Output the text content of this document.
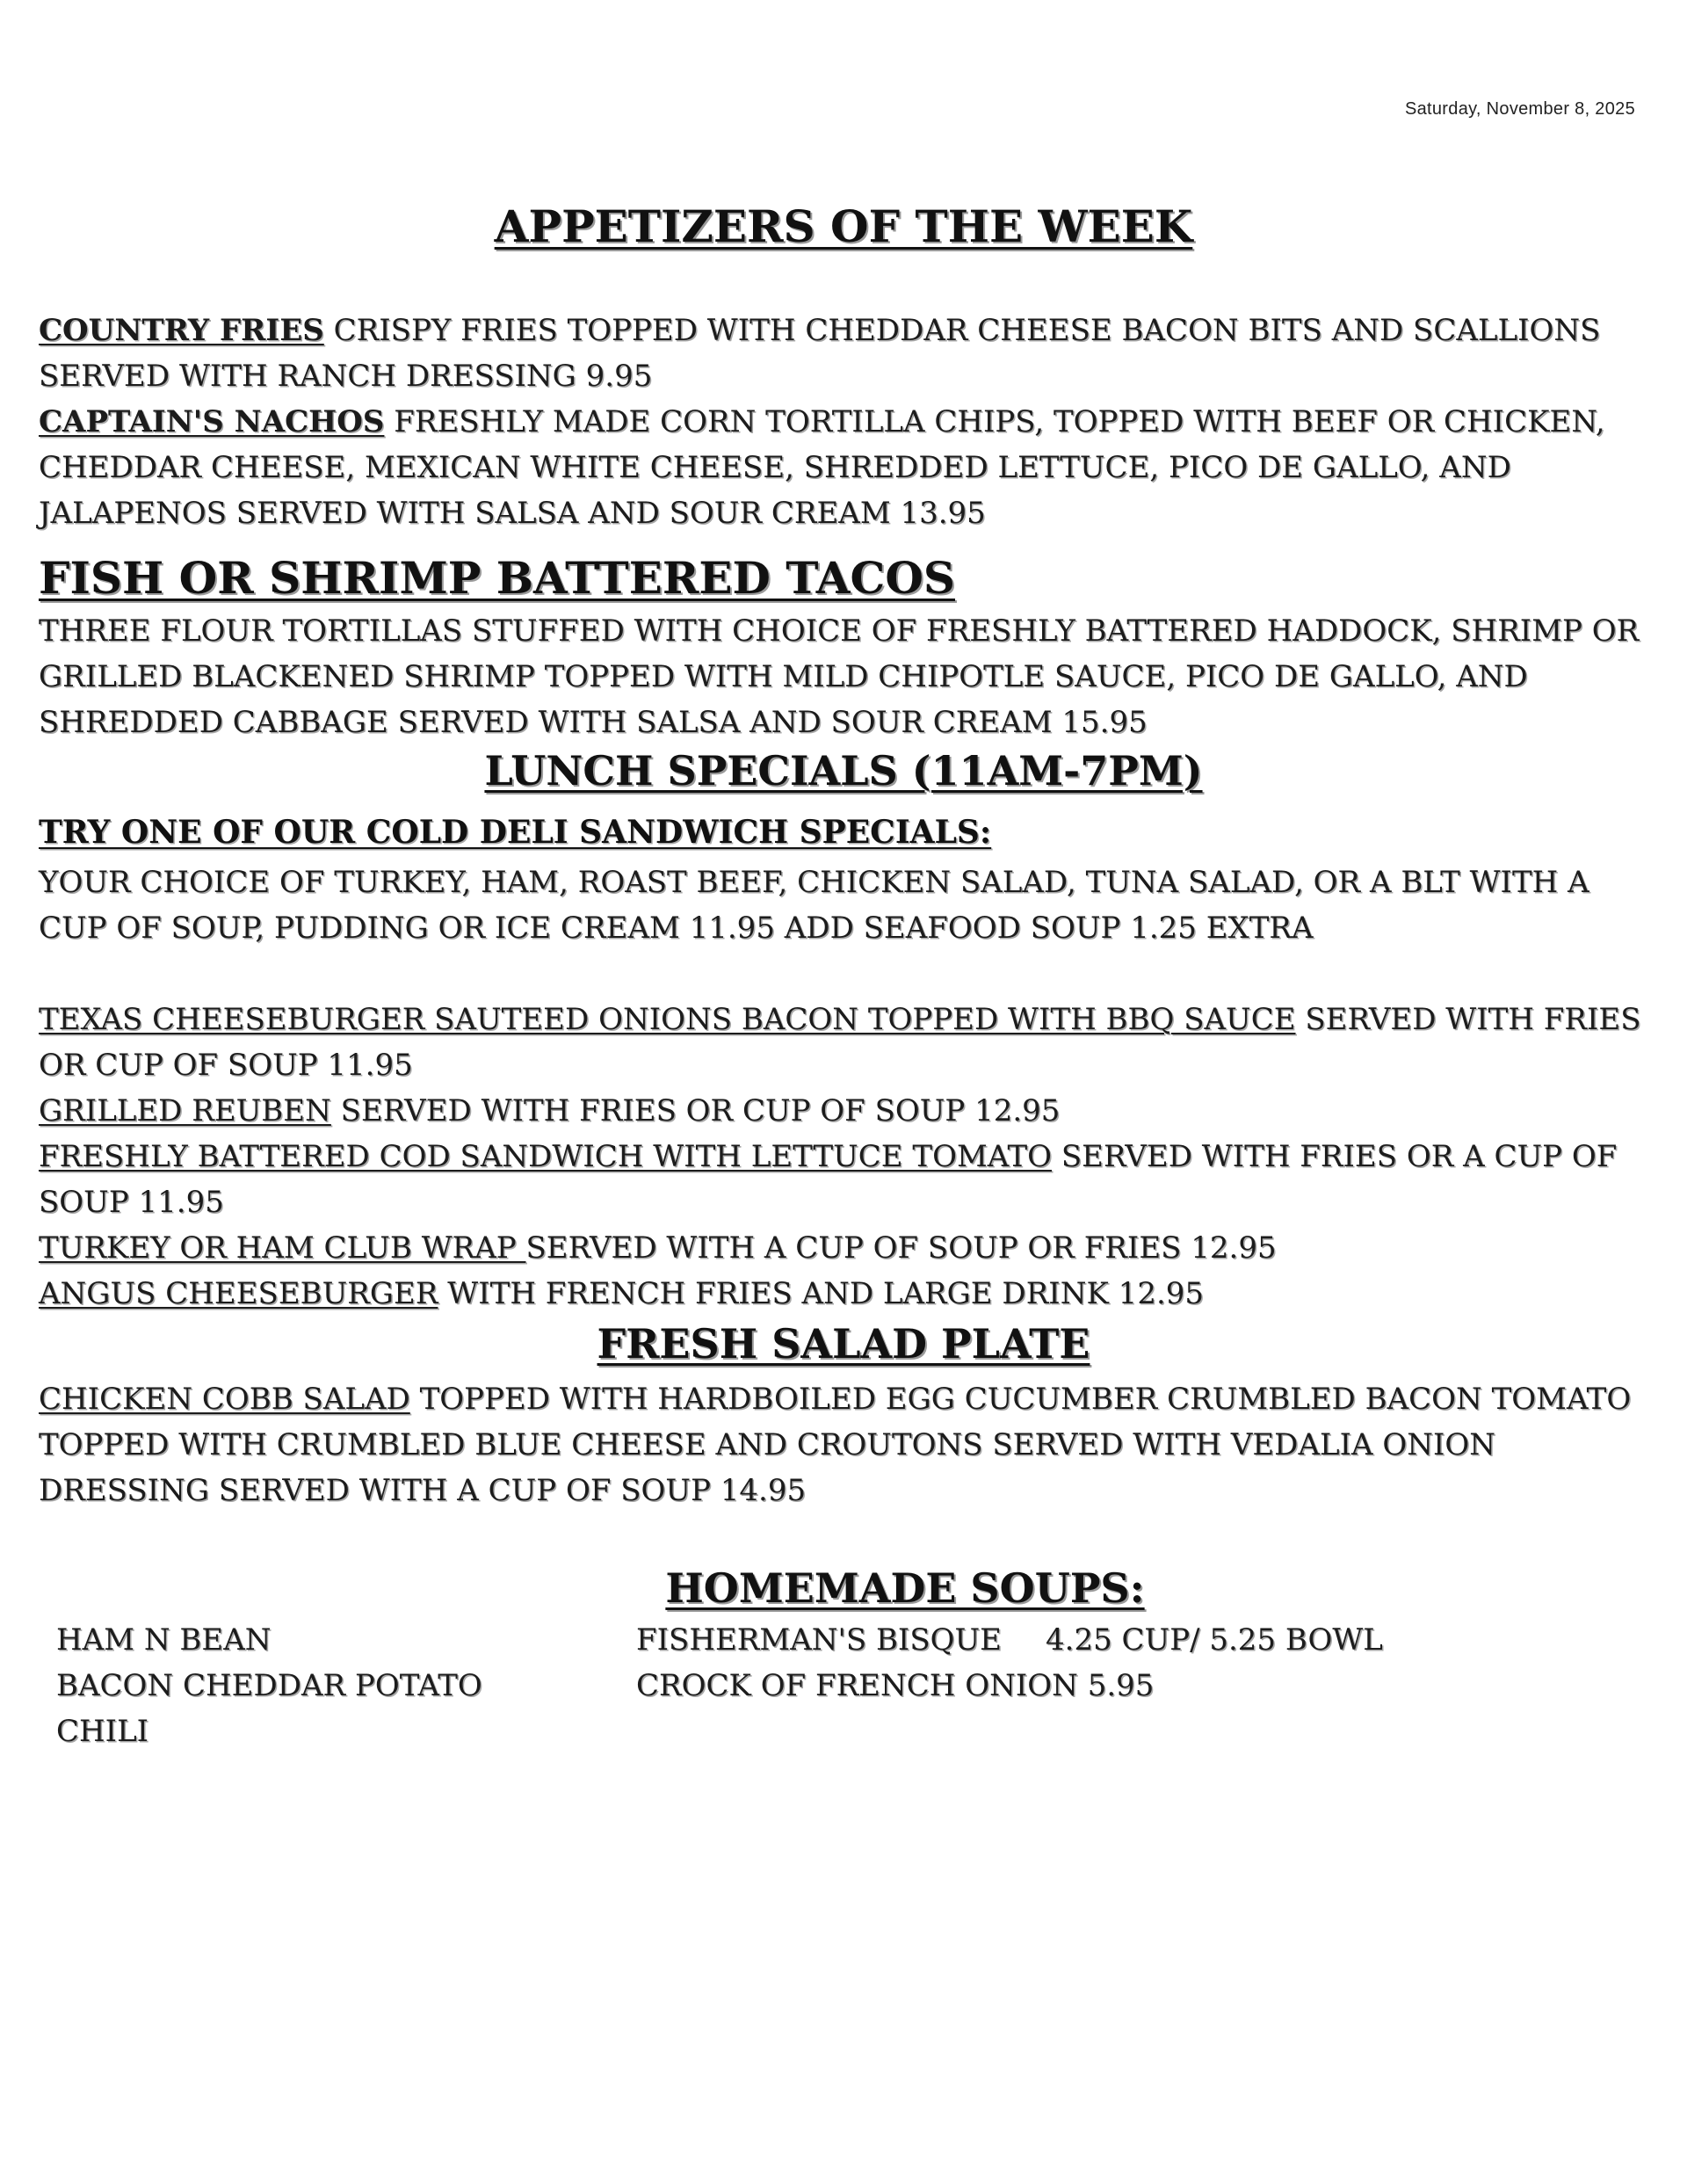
Saturday, November 8, 2025
APPETIZERS OF THE WEEK
COUNTRY FRIES CRISPY FRIES TOPPED WITH CHEDDAR CHEESE BACON BITS AND SCALLIONS SERVED WITH RANCH DRESSING 9.95
CAPTAIN'S NACHOS FRESHLY MADE CORN TORTILLA CHIPS, TOPPED WITH BEEF OR CHICKEN, CHEDDAR CHEESE, MEXICAN WHITE CHEESE, SHREDDED LETTUCE, PICO DE GALLO, AND JALAPENOS SERVED WITH SALSA AND SOUR CREAM 13.95
FISH OR SHRIMP BATTERED TACOS
THREE FLOUR TORTILLAS STUFFED WITH CHOICE OF FRESHLY BATTERED HADDOCK, SHRIMP OR GRILLED BLACKENED SHRIMP TOPPED WITH MILD CHIPOTLE SAUCE, PICO DE GALLO, AND SHREDDED CABBAGE SERVED WITH SALSA AND SOUR CREAM 15.95
LUNCH SPECIALS (11AM-7PM)
TRY ONE OF OUR COLD DELI SANDWICH SPECIALS:
YOUR CHOICE OF TURKEY, HAM, ROAST BEEF, CHICKEN SALAD, TUNA SALAD, OR A BLT WITH A CUP OF SOUP, PUDDING OR ICE CREAM 11.95 ADD SEAFOOD SOUP 1.25 EXTRA
TEXAS CHEESEBURGER SAUTEED ONIONS BACON TOPPED WITH BBQ SAUCE SERVED WITH FRIES OR CUP OF SOUP 11.95
GRILLED REUBEN SERVED WITH FRIES OR CUP OF SOUP 12.95
FRESHLY BATTERED COD SANDWICH WITH LETTUCE TOMATO SERVED WITH FRIES OR A CUP OF SOUP 11.95
TURKEY OR HAM CLUB WRAP SERVED WITH A CUP OF SOUP OR FRIES 12.95
ANGUS CHEESEBURGER WITH FRENCH FRIES AND LARGE DRINK 12.95
FRESH SALAD PLATE
CHICKEN COBB SALAD TOPPED WITH HARDBOILED EGG CUCUMBER CRUMBLED BACON TOMATO TOPPED WITH CRUMBLED BLUE CHEESE AND CROUTONS SERVED WITH VEDALIA ONION DRESSING SERVED WITH A CUP OF SOUP 14.95
HOMEMADE SOUPS:
HAM N BEAN
BACON CHEDDAR POTATO
CHILI
FISHERMAN'S BISQUE 4.25 CUP/ 5.25 BOWL
CROCK OF FRENCH ONION 5.95
